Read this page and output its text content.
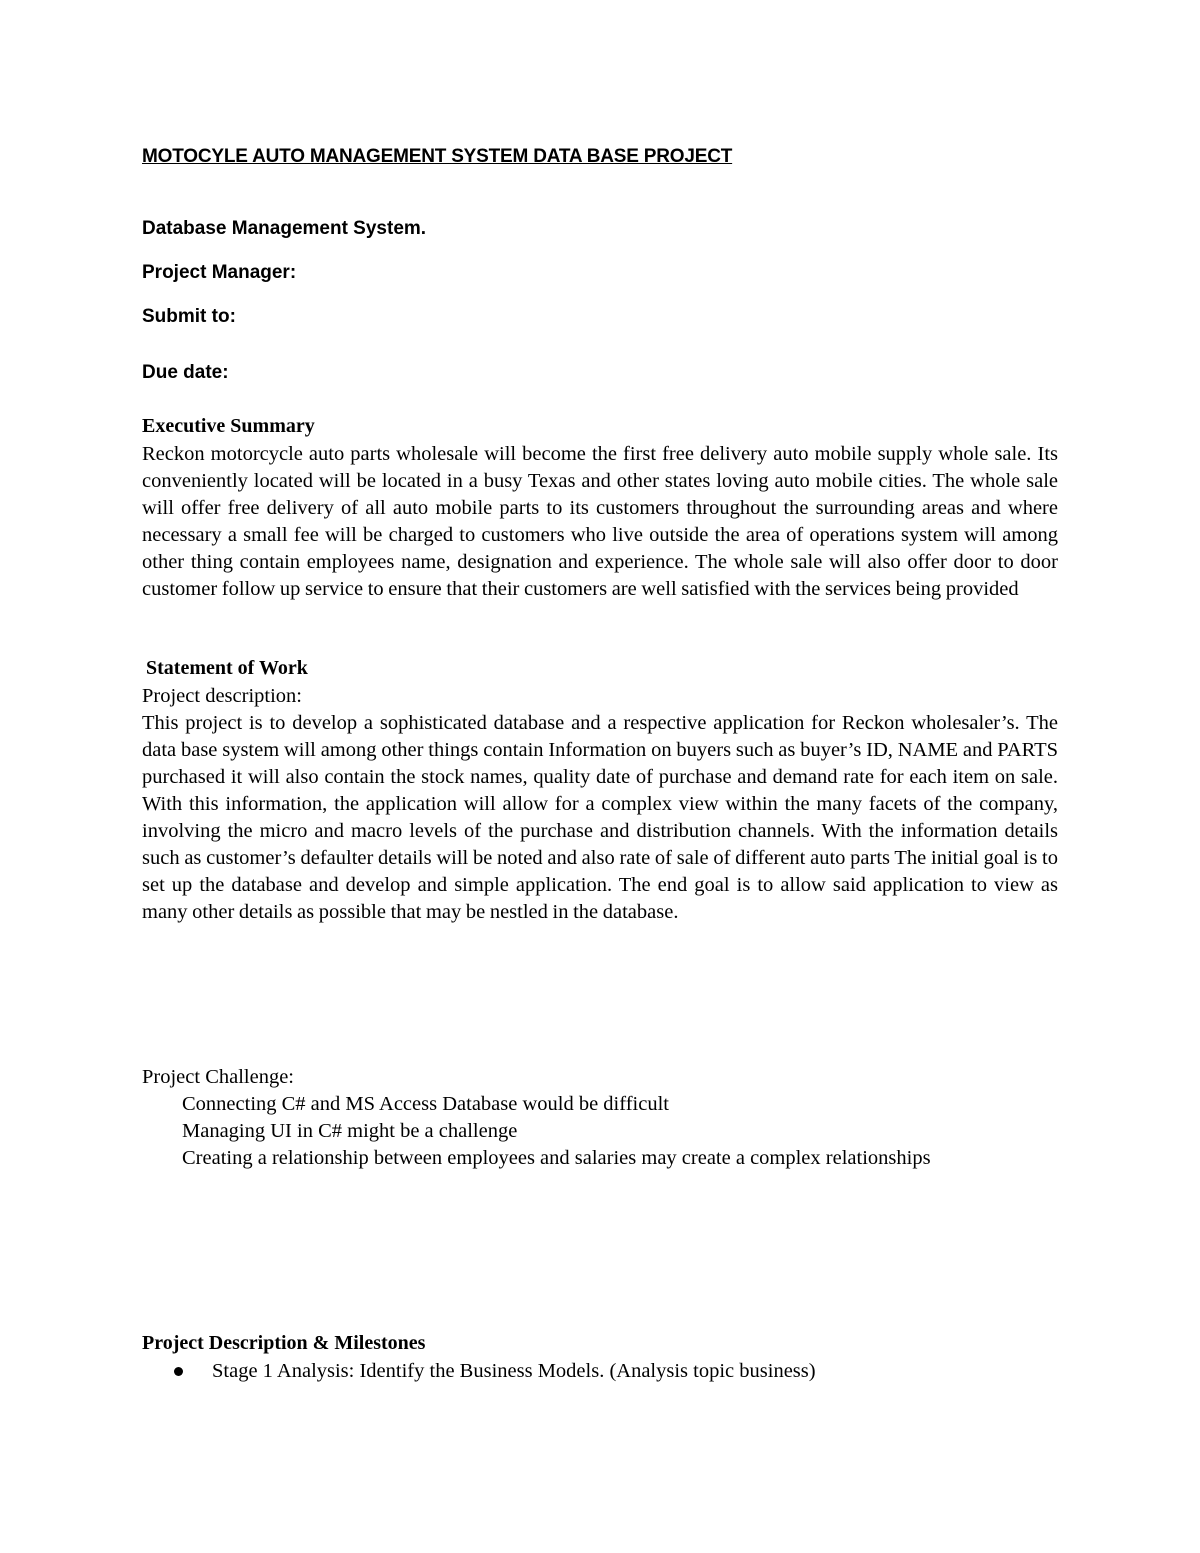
MOTOCYLE AUTO MANAGEMENT SYSTEM DATA BASE PROJECT
Database Management System.
Project Manager:
Submit to:
Due date:
Executive Summary
Reckon motorcycle auto parts wholesale will become the first free delivery auto mobile supply whole sale. Its conveniently located will be located in a busy Texas and other states loving auto mobile cities. The whole sale will offer free delivery of all auto mobile parts to its customers throughout the surrounding areas and where necessary a small fee will be charged to customers who live outside the area of operations system will among other thing contain employees name, designation and experience. The whole sale will also offer door to door customer follow up service to ensure that their customers are well satisfied with the services being provided
Statement of Work
Project description:
This project is to develop a sophisticated database and a respective application for Reckon wholesaler’s. The data base system will among other things contain Information on buyers such as buyer’s ID, NAME and PARTS purchased it will also contain the stock names, quality date of purchase and demand rate for each item on sale. With this information, the application will allow for a complex view within the many facets of the company, involving the micro and macro levels of the purchase and distribution channels. With the information details such as customer’s defaulter details will be noted and also rate of sale of different auto parts The initial goal is to set up the database and develop and simple application. The end goal is to allow said application to view as many other details as possible that may be nestled in the database.
Project Challenge:
Connecting C# and MS Access Database would be difficult
Managing UI in C# might be a challenge
Creating a relationship between employees and salaries may create a complex relationships
Project Description & Milestones
Stage 1 Analysis: Identify the Business Models. (Analysis topic business)
